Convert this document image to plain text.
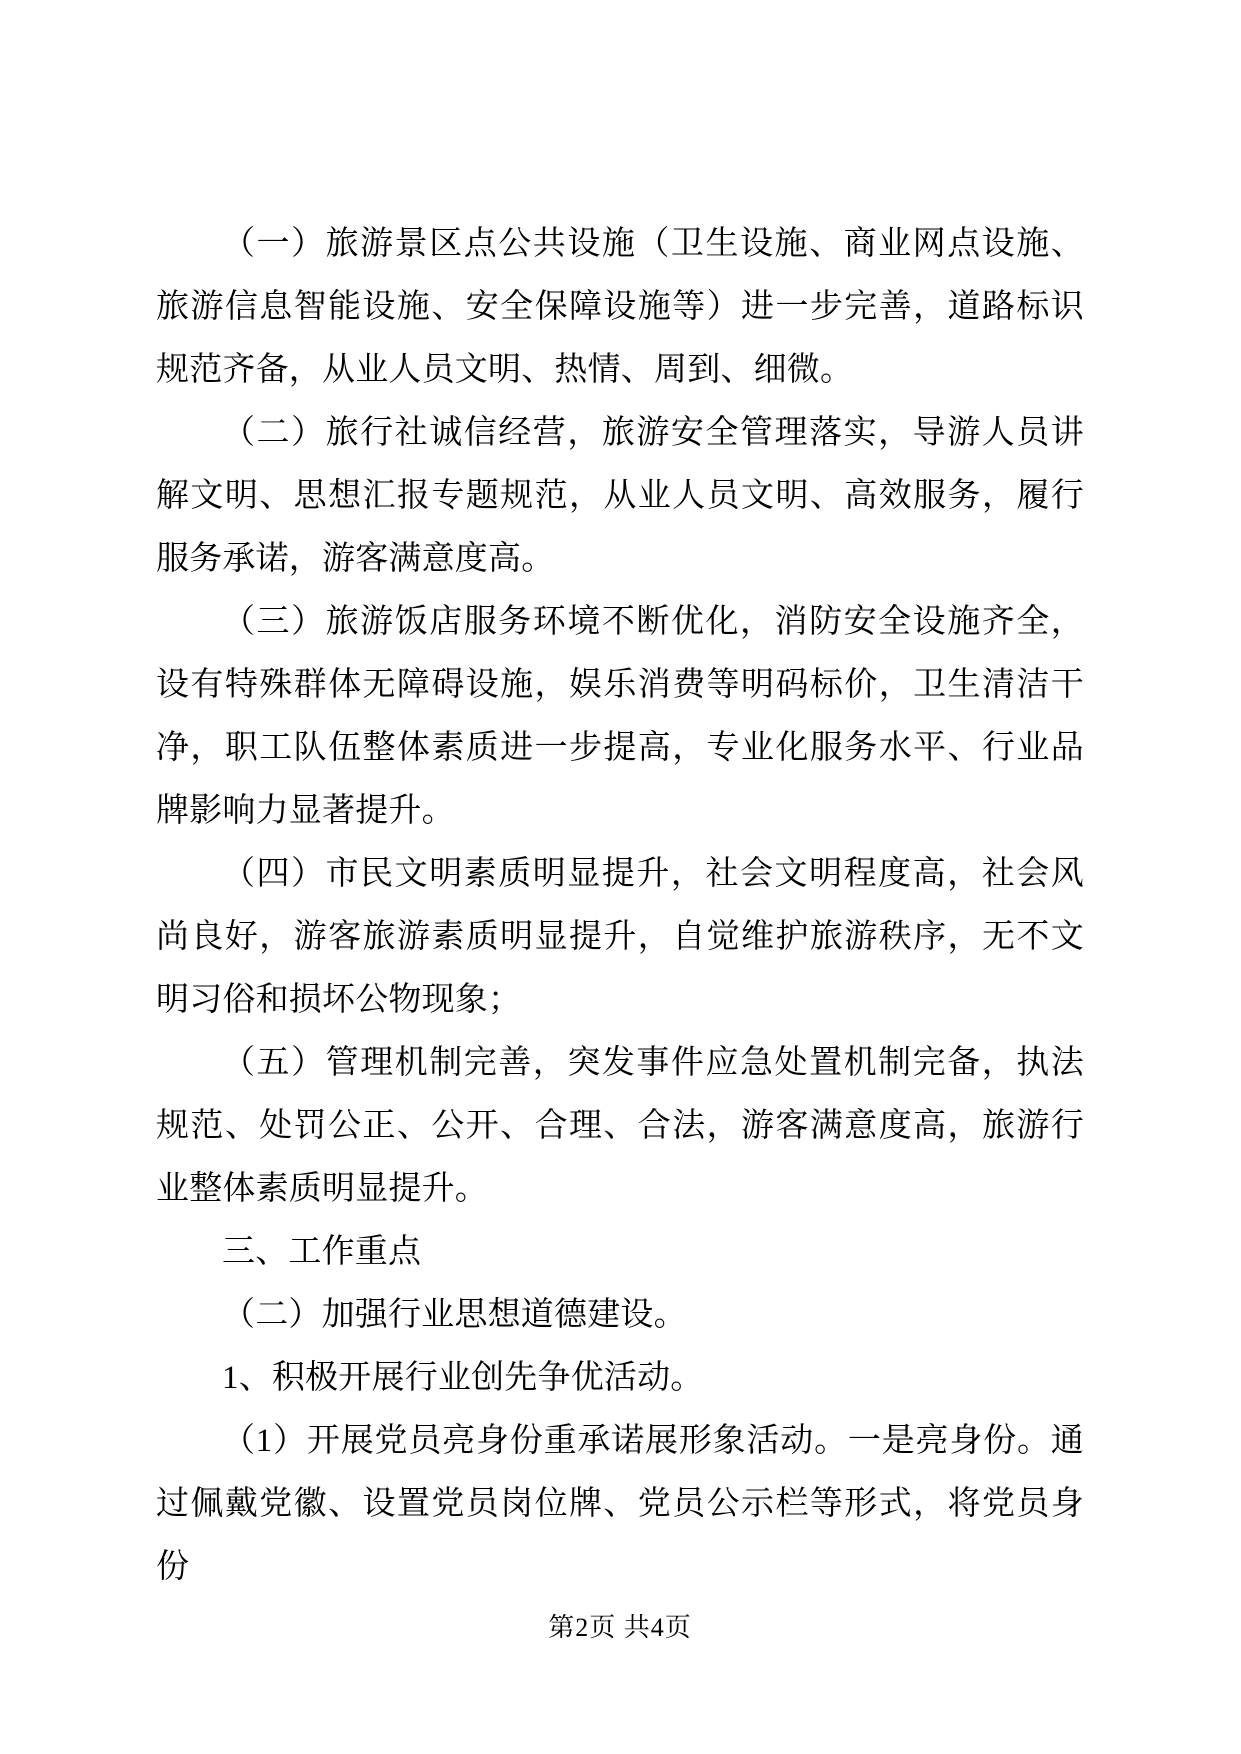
（一）旅游景区点公共设施（卫生设施、商业网点设施、旅游信息智能设施、安全保障设施等）进一步完善，道路标识规范齐备，从业人员文明、热情、周到、细微。
（二）旅行社诚信经营，旅游安全管理落实，导游人员讲解文明、思想汇报专题规范，从业人员文明、高效服务，履行服务承诺，游客满意度高。
（三）旅游饭店服务环境不断优化，消防安全设施齐全，设有特殊群体无障碍设施，娱乐消费等明码标价，卫生清洁干净，职工队伍整体素质进一步提高，专业化服务水平、行业品牌影响力显著提升。
（四）市民文明素质明显提升，社会文明程度高，社会风尚良好，游客旅游素质明显提升，自觉维护旅游秩序，无不文明习俗和损坏公物现象；
（五）管理机制完善，突发事件应急处置机制完备，执法规范、处罚公正、公开、合理、合法，游客满意度高，旅游行业整体素质明显提升。
三、工作重点
（二）加强行业思想道德建设。
1、积极开展行业创先争优活动。
（1）开展党员亮身份重承诺展形象活动。一是亮身份。通过佩戴党徽、设置党员岗位牌、党员公示栏等形式，将党员身份
第2页 共4页
